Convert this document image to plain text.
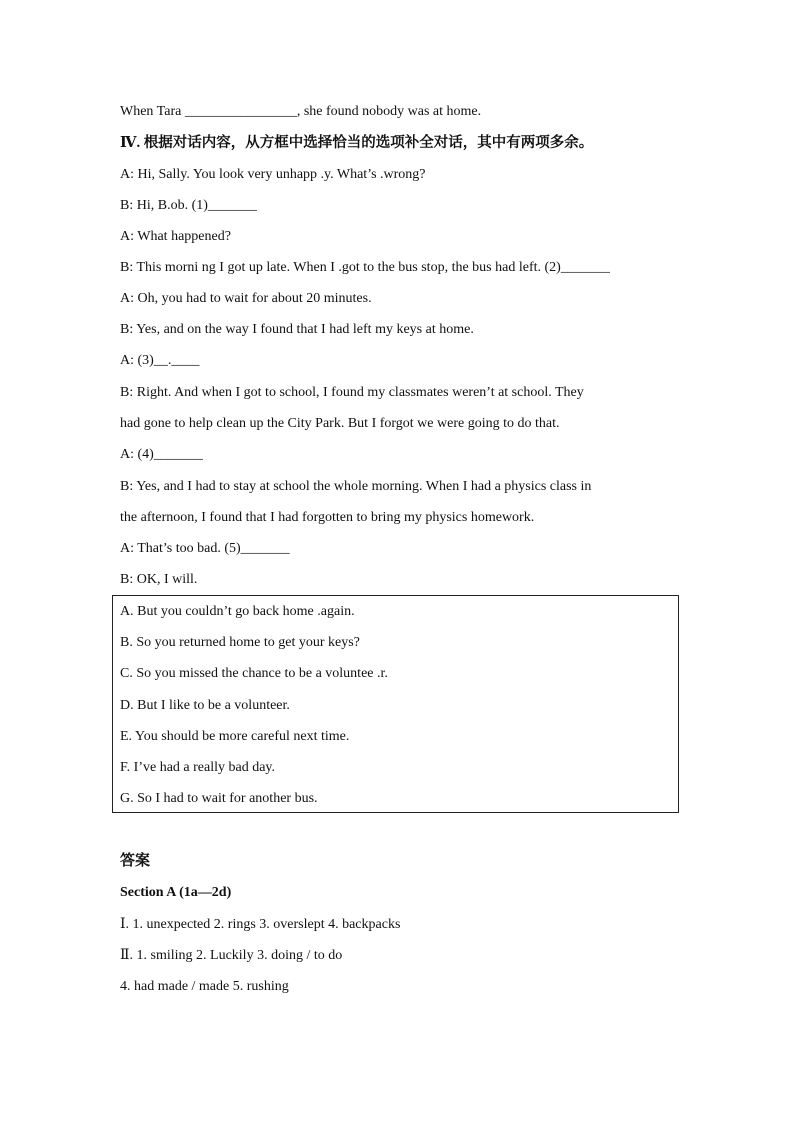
When Tara ________________, she found nobody was at home.
Ⅳ. 根据对话内容，从方框中选择恰当的选项补全对话，其中有两项多余。
A: Hi, Sally. You look very unhapp .y. What’s .wrong?
B: Hi, B.ob. (1)_______
A: What happened?
B: This morni ng I got up late. When I .got to the bus stop, the bus had left. (2)_______
A: Oh, you had to wait for about 20 minutes.
B: Yes, and on the way I found that I had left my keys at home.
A: (3)__.____
B: Right. And when I got to school, I found my classmates weren’t at school. They
had gone to help clean up the City Park. But I forgot we were going to do that.
A: (4)_______
B: Yes, and I had to stay at school the whole morning. When I had a physics class in
the afternoon, I found that I had forgotten to bring my physics homework.
A: That’s too bad. (5)_______
B: OK, I will.
A. But you couldn’t go back home .again.
B. So you returned home to get your keys?
C. So you missed the chance to be a voluntee .r.
D. But I like to be a volunteer.
E. You should be more careful next time.
F. I’ve had a really bad day.
G. So I had to wait for another bus.
答案
Section A (1a—2d)
Ⅰ. 1. unexpected 2. rings 3. overslept 4. backpacks
Ⅱ. 1. smiling 2. Luckily 3. doing / to do
4. had made / made 5. rushing
